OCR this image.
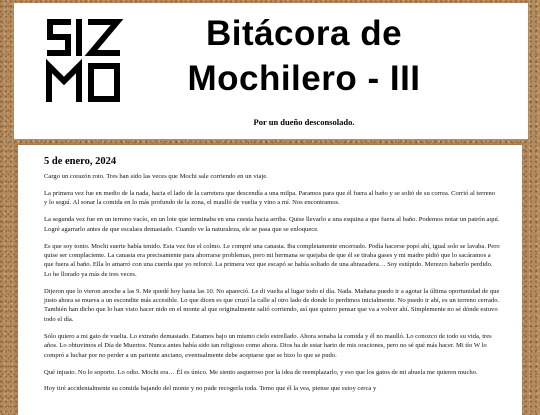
Bitácora de
Mochilero - III

Por un dueño desconsolado.

5 de enero, 2024

Cargo un corazón roto. Tres han sido las veces que Mochi sale corriendo en un viaje.

La primera vez fue en medio de la nada, hacia el lado de la carretera que descendía a una milpa. Paramos para que él fuera al baño y se soltó de su correa. Corrió al terreno y lo seguí. Al sonar la comida en lo más profundo de la zona, el maulló de vuelta y vino a mí. Nos encontramos.

La segunda vez fue en un terreno vacío, en un lote que terminaba en una cuesta hacia arriba. Quise llevarlo a una esquina a que fuera al baño. Podemos notar un patrón aquí. Logré agarrarlo antes de que escalara demasiado. Cuando ve la naturaleza, ele se pasa que se enloquece.

Es que soy tonto. Mochi suerte había tenido. Esta vez fue el colmo. Le compré una canasta. Iba completamente encerrado. Podía hacerse popó ahí, igual solo se lavaba. Pero quise ser complaciente. La canasta era precisamente para ahorrarse problemas, pero mi hermana se quejaba de que él se tiraba gases y mi madre pidió que lo sacáramos a que fuera al baño. Ella lo amarró con una cuerda que yo reforcé. La primera vez que escapó se había soltado de una abrazadera… Soy estúpido. Merezco haberlo perdido. Lo he llorado ya más de tres veces.

Dijeron que lo vieron anoche a las 9. Me quedé hoy hasta las 10. No apareció. Le di vuelta al lugar todo el día. Nada. Mañana puedo ir a agotar la última oportunidad de que justo ahora se mueva a un escondite más accesible. Lo que dicen es que cruzó la calle al otro lado de donde lo perdimos inicialmente. No puedo ir ahí, es un terreno cerrado. También han dicho que lo han visto hacer nido en el monte al que originalmente salió corriendo, así que quiero pensar que va a volver ahí. Simplemente no sé dónde estuvo todo el día.

Sólo quiero a mi gato de vuelta. Lo extraño demasiado. Estamos bajo un mismo cielo estrellado. Ahora sonaba la comida y él no maulló. Lo conozco de todo su vida, tres años. Lo obtuvimos el Día de Muertos. Nunca antes había sido tan religioso como ahora. Dios ha de estar harto de mis oraciones, pero no sé qué más hacer. Mi tío W lo compró a luchar por no perder a un pariente anciano, eventualmente debe aceptarse que se hizo lo que se pudo.

Qué injusto. No lo soporto. Lo odio. Mochi era… Él es único. Me siento asqueroso por la idea de reemplazarlo, y eso que los gatos de mi abuela me quieren mucho.

Hoy tiré accidentalmente su comida bajando del monte y no pude recogerla toda. Temo que él la vea, piense que estoy cerca y
